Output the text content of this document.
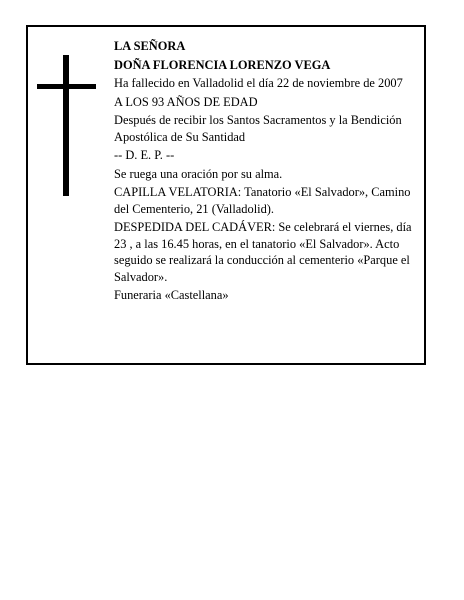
LA SEÑORA

DOÑA FLORENCIA LORENZO VEGA

Ha fallecido en Valladolid el día 22 de noviembre de 2007

A LOS 93 AÑOS DE EDAD

Después de recibir los Santos Sacramentos y la Bendición Apostólica de Su Santidad

-- D. E. P. --

Se ruega una oración por su alma.

CAPILLA VELATORIA: Tanatorio «El Salvador», Camino del Cementerio, 21 (Valladolid).

DESPEDIDA DEL CADÁVER: Se celebrará el viernes, día 23 , a las 16.45 horas, en el tanatorio «El Salvador». Acto seguido se realizará la conducción al cementerio «Parque el Salvador».

Funeraria «Castellana»
